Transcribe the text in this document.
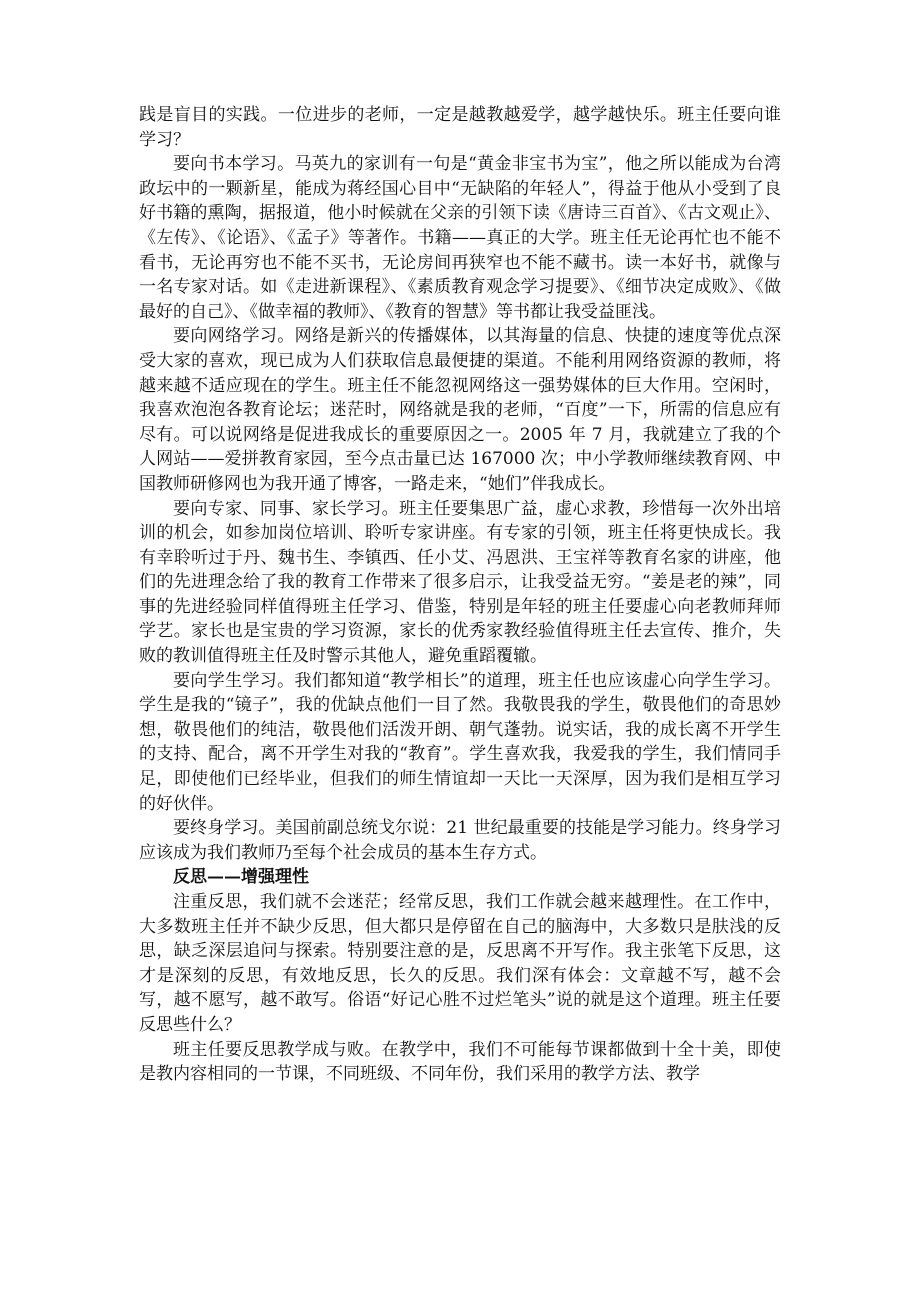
践是盲目的实践。一位进步的老师，一定是越教越爱学，越学越快乐。班主任要向谁学习？

要向书本学习。马英九的家训有一句是“黄金非宝书为宝”，他之所以能成为台湾政坛中的一颗新星，能成为蒋经国心目中“无缺陷的年轻人”，得益于他从小受到了良好书籍的熏陶，据报道，他小时候就在父亲的引领下读《唐诗三百首》、《古文观止》、《左传》、《论语》、《孟子》等著作。书籍——真正的大学。班主任无论再忙也不能不看书，无论再穷也不能不买书，无论房间再狭窄也不能不藏书。读一本好书，就像与一名专家对话。如《走进新课程》、《素质教育观念学习提要》、《细节决定成败》、《做最好的自己》、《做幸福的教师》、《教育的智慧》等书都让我受益匪浅。

要向网络学习。网络是新兴的传播媒体，以其海量的信息、快捷的速度等优点深受大家的喜欢，现已成为人们获取信息最便捷的渠道。不能利用网络资源的教师，将越来越不适应现在的学生。班主任不能忽视网络这一强势媒体的巨大作用。空闲时，我喜欢泡泡各教育论坛；迷茫时，网络就是我的老师，“百度”一下，所需的信息应有尽有。可以说网络是促进我成长的重要原因之一。2005 年 7 月，我就建立了我的个人网站——爱拼教育家园，至今点击量已达 167000 次；中小学教师继续教育网、中国教师研修网也为我开通了博客，一路走来，“她们”伴我成长。

要向专家、同事、家长学习。班主任要集思广益，虚心求教，珍惜每一次外出培训的机会，如参加岗位培训、聆听专家讲座。有专家的引领，班主任将更快成长。我有幸聆听过于丹、魏书生、李镇西、任小艾、冯恩洪、王宝祥等教育名家的讲座，他们的先进理念给了我的教育工作带来了很多启示，让我受益无穷。“姜是老的辣”，同事的先进经验同样值得班主任学习、借鉴，特别是年轻的班主任要虚心向老教师拜师学艺。家长也是宝贵的学习资源，家长的优秀家教经验值得班主任去宣传、推介，失败的教训值得班主任及时警示其他人，避免重蹈覆辙。

要向学生学习。我们都知道“教学相长”的道理，班主任也应该虚心向学生学习。学生是我的“镜子”，我的优缺点他们一目了然。我敬畏我的学生，敬畏他们的奇思妙想，敬畏他们的纯洁，敬畏他们活泼开朗、朝气蓬勃。说实话，我的成长离不开学生的支持、配合，离不开学生对我的“教育”。学生喜欢我，我爱我的学生，我们情同手足，即使他们已经毕业，但我们的师生情谊却一天比一天深厚，因为我们是相互学习的好伙伴。

要终身学习。美国前副总统戈尔说：21 世纪最重要的技能是学习能力。终身学习应该成为我们教师乃至每个社会成员的基本生存方式。

反思——增强理性

注重反思，我们就不会迷茫；经常反思，我们工作就会越来越理性。在工作中，大多数班主任并不缺少反思，但大都只是停留在自己的脑海中，大多数只是肤浅的反思，缺乏深层追问与探索。特别要注意的是，反思离不开写作。我主张笔下反思，这才是深刻的反思，有效地反思，长久的反思。我们深有体会：文章越不写，越不会写，越不愿写，越不敢写。俗语“好记心胜不过烂笔头”说的就是这个道理。班主任要反思些什么？

班主任要反思教学成与败。在教学中，我们不可能每节课都做到十全十美，即使是教内容相同的一节课，不同班级、不同年份，我们采用的教学方法、教学
